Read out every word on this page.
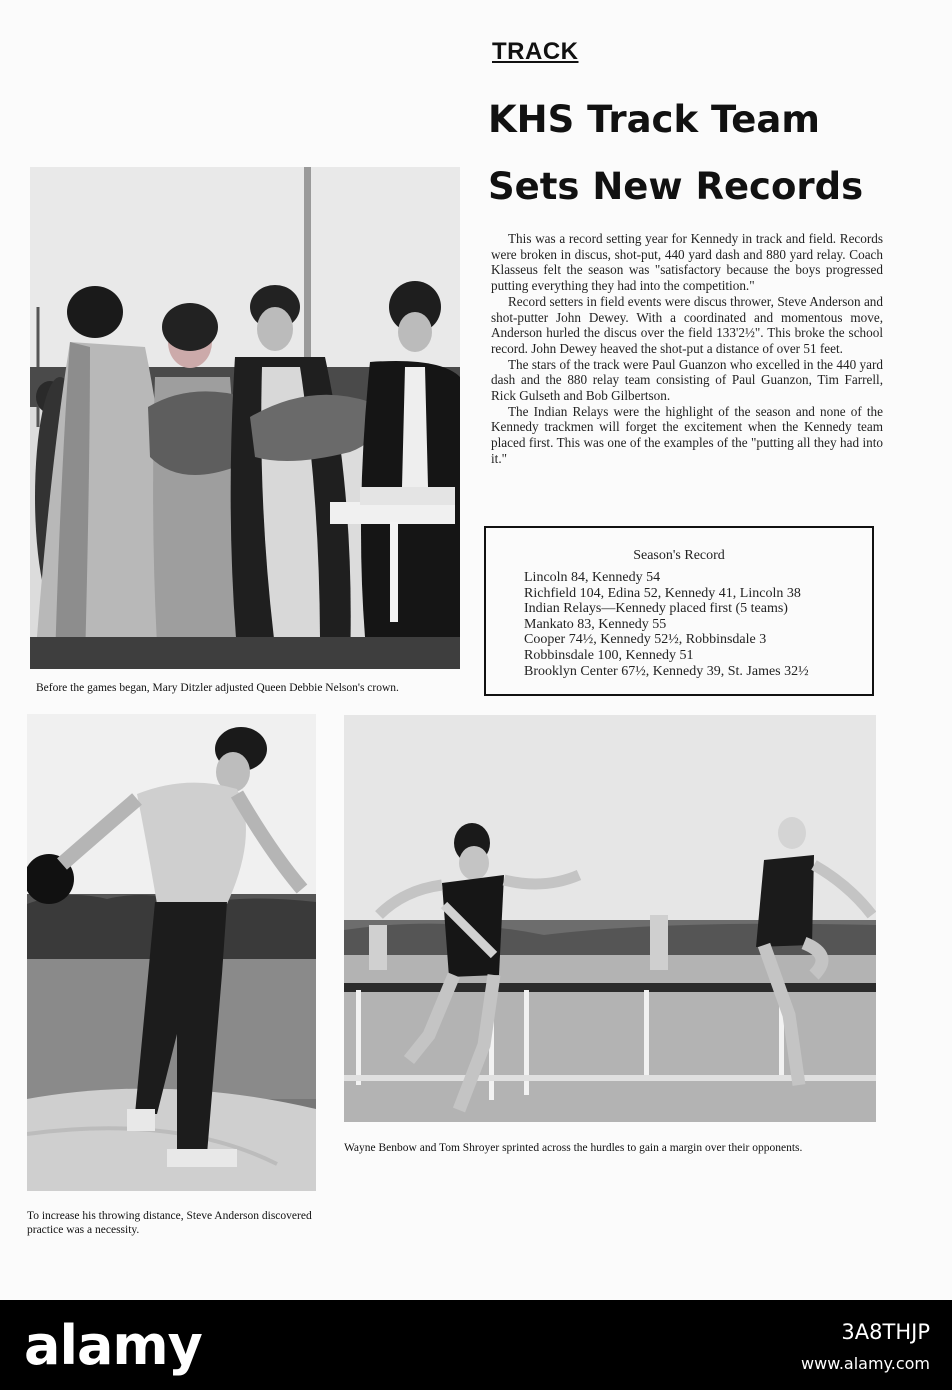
TRACK
KHS Track Team
Sets New Records
Before the games began, Mary Ditzler adjusted Queen Debbie Nelson's crown.

This was a record setting year for Kennedy in track and field. Records were broken in discus, shot-put, 440 yard dash and 880 yard relay. Coach Klasseus felt the season was "satisfactory because the boys progressed putting everything they had into the competition."

Record setters in field events were discus thrower, Steve Anderson and shot-putter John Dewey. With a coordinated and momentous move, Anderson hurled the discus over the field 133'2½". This broke the school record. John Dewey heaved the shot-put a distance of over 51 feet.

The stars of the track were Paul Guanzon who excelled in the 440 yard dash and the 880 relay team consisting of Paul Guanzon, Tim Farrell, Rick Gulseth and Bob Gilbertson.

The Indian Relays were the highlight of the season and none of the Kennedy trackmen will forget the excitement when the Kennedy team placed first. This was one of the examples of the "putting all they had into it."

Season's Record
Lincoln 84, Kennedy 54
Richfield 104, Edina 52, Kennedy 41, Lincoln 38
Indian Relays—Kennedy placed first (5 teams)
Mankato 83, Kennedy 55
Cooper 74½, Kennedy 52½, Robbinsdale 3
Robbinsdale 100, Kennedy 51
Brooklyn Center 67½, Kennedy 39, St. James 32½
To increase his throwing distance, Steve Anderson discovered practice was a necessity.
Wayne Benbow and Tom Shroyer sprinted across the hurdles to gain a margin over their opponents.
alamy	3A8THJP
www.alamy.com
